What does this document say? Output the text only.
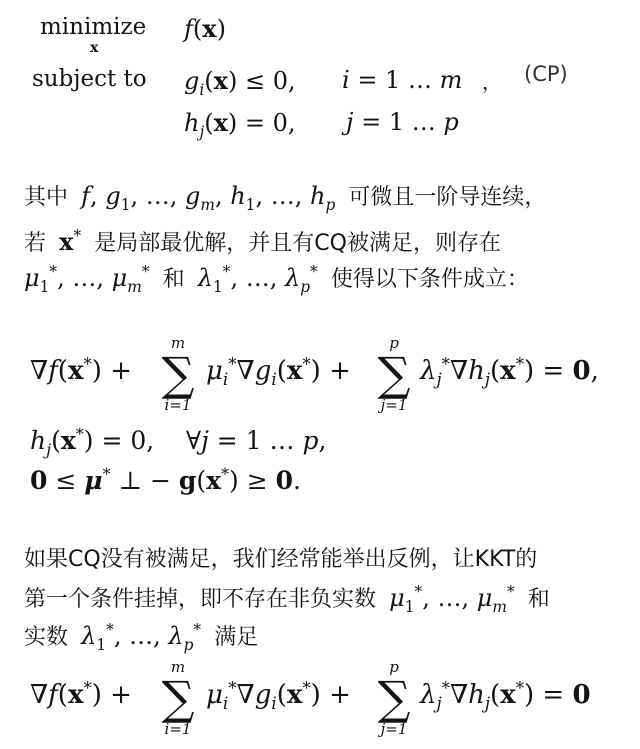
minimize
x
f(x)
subject to $g_i(x) \le 0$, i = 1 … m ， (CP)
$h_j(x) = 0$, j = 1 … p
其中 f, $g_1$, …, $g_m$, $h_1$, …, $h_p$ 可微且一阶导连续，
若 x* 是局部最优解，并且有CQ被满足，则存在
$\mu_1^*$, …, $\mu_m^*$ 和 $\lambda_1^*$, …, $\lambda_p^*$ 使得以下条件成立：
∇f(x*) +
m
∑
i=1
$\mu_i^*\nabla g_i(x^*)$ +
p
∑
j=1
$\lambda_j^*\nabla h_j(x^*) = 0$,
$h_j(x^*) = 0$,    ∀j = 1 … p,
0 ≤ μ* ⊥ − g(x*) ≥ 0.
如果CQ没有被满足，我们经常能举出反例，让KKT的
第一个条件挂掉，即不存在非负实数 $\mu_1^*$, …, $\mu_m^*$ 和
实数 $\lambda_1^*$, …, $\lambda_p^*$ 满足
∇f(x*) +
m
∑
i=1
$\mu_i^*\nabla g_i(x^*)$ +
p
∑
j=1
$\lambda_j^*\nabla h_j(x^*) = 0$
